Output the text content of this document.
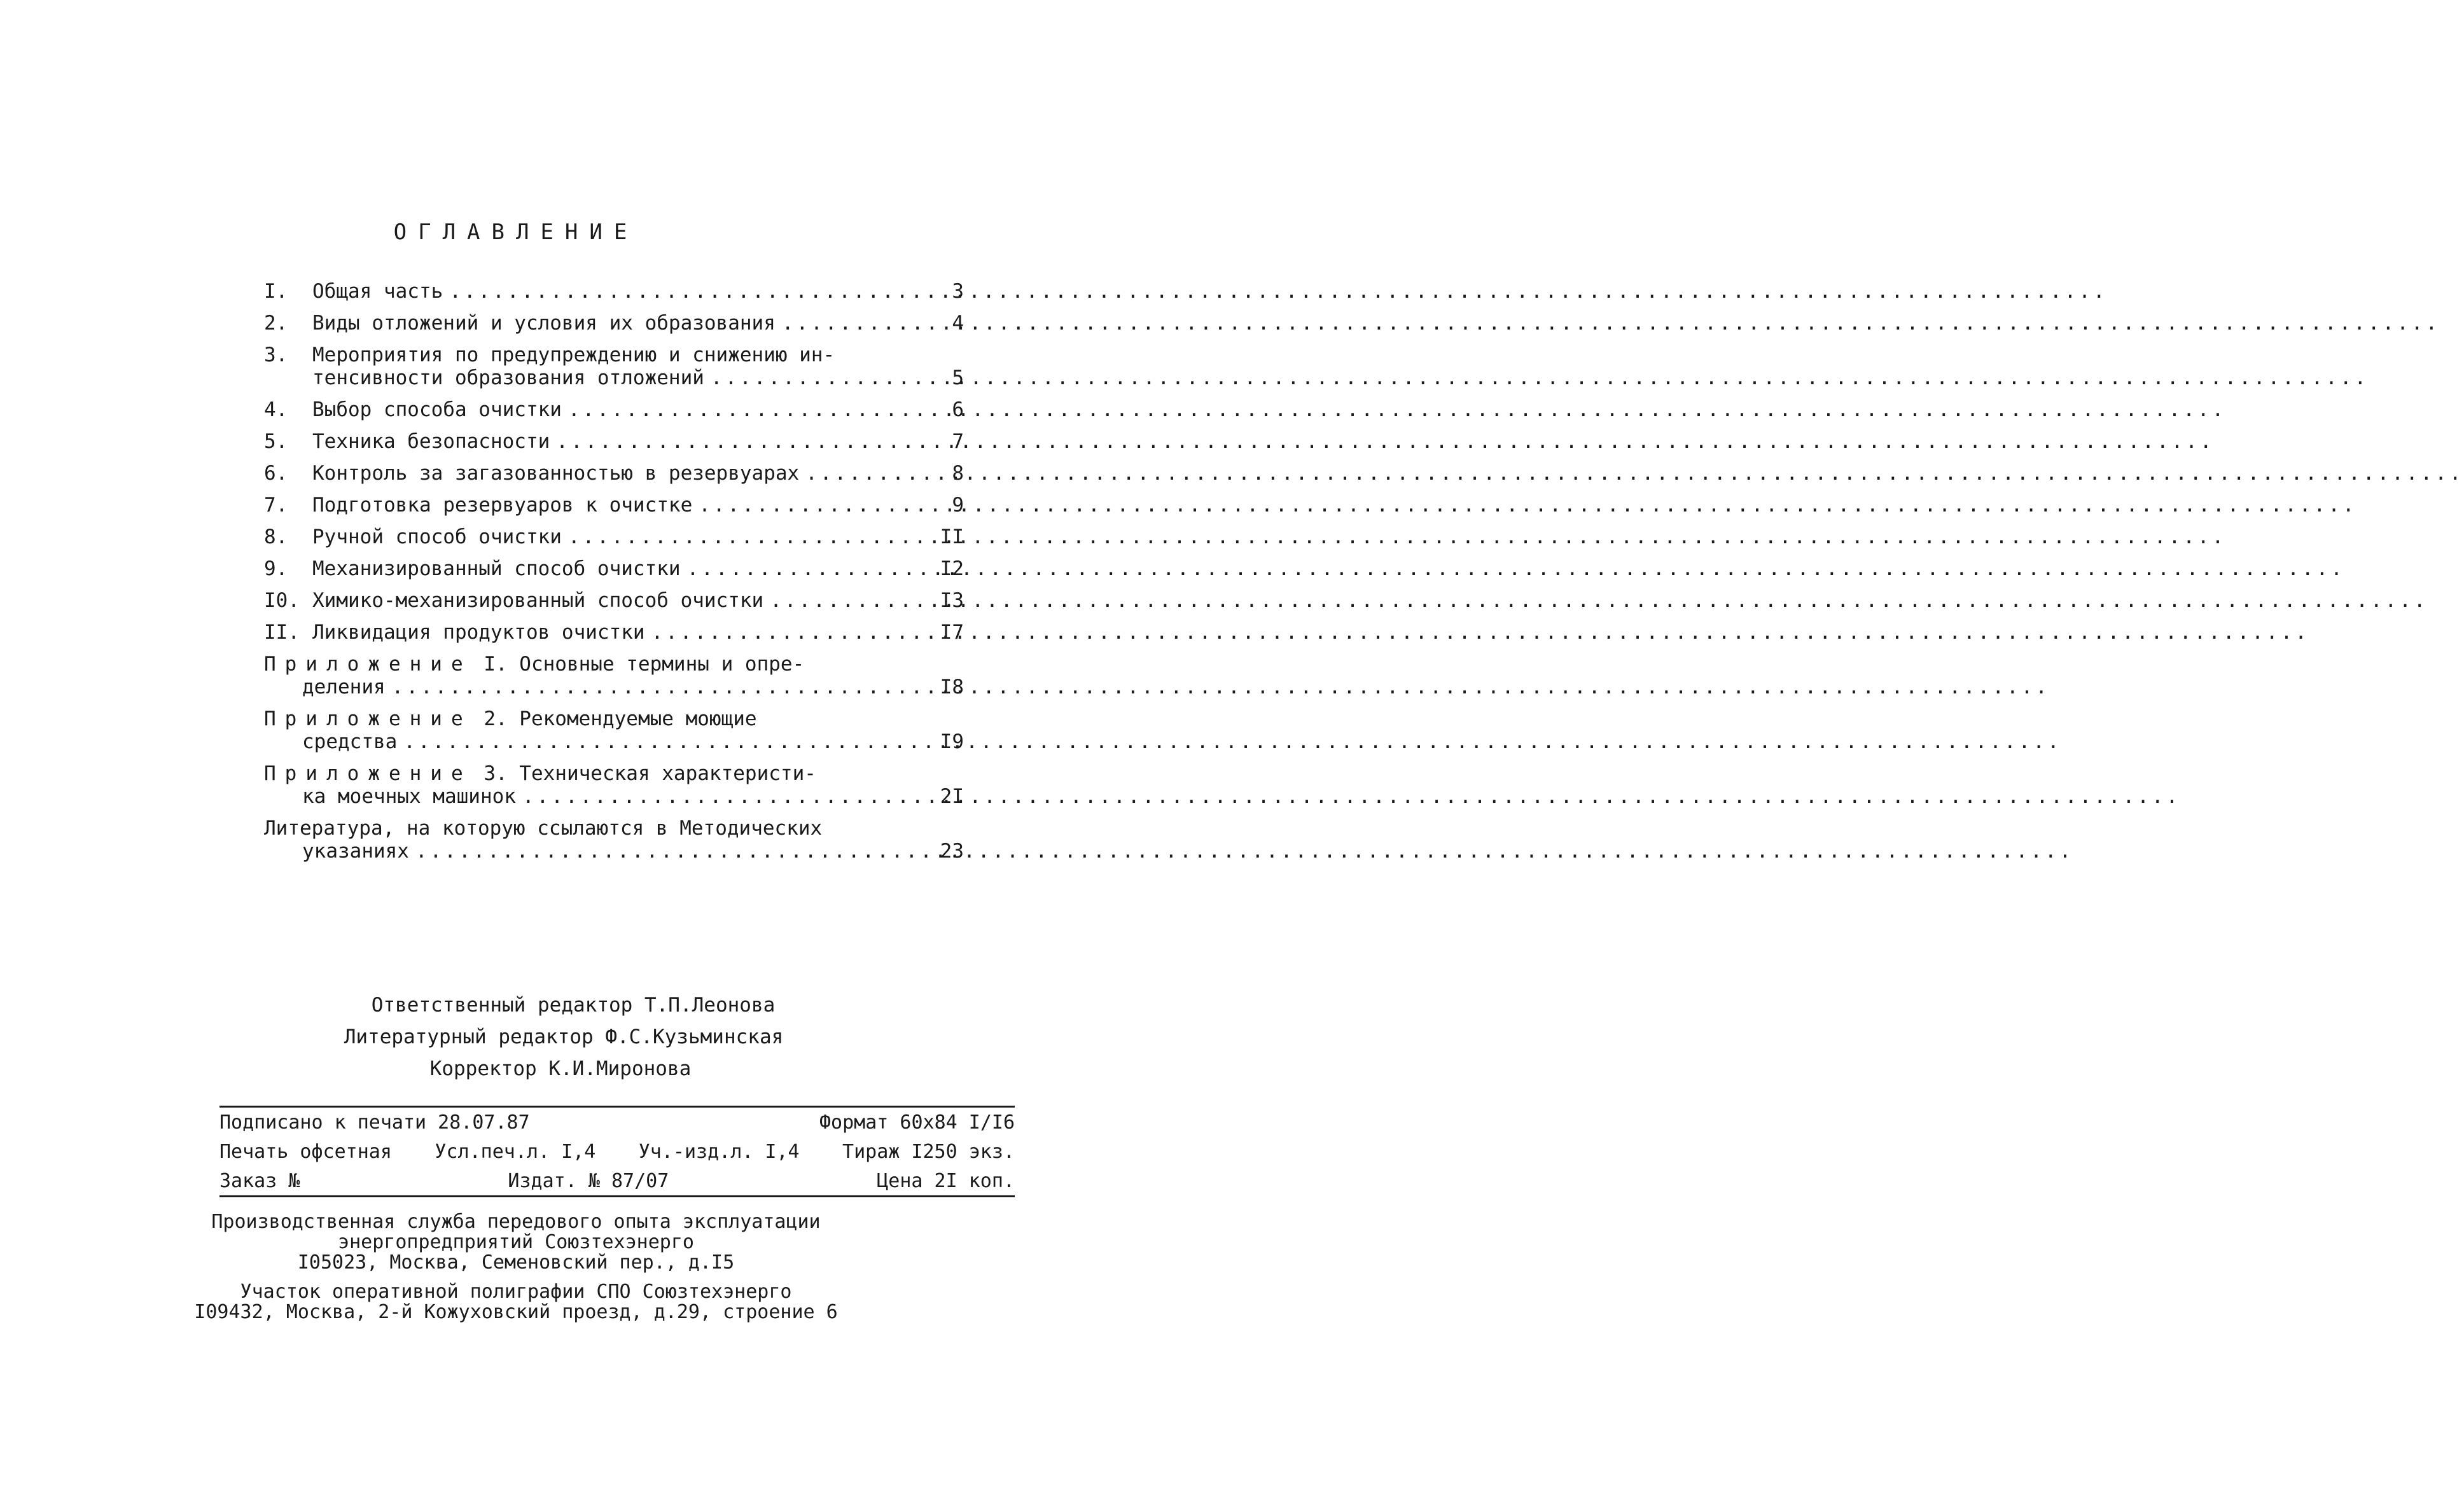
ОГЛАВЛЕНИЕ
I.	Общая часть .....	3
2.	Виды отложений и условия их образования .....	4
3.	Мероприятия по предупреждению и снижению ин-
тенсивности образования отложений .....	5
4.	Выбор способа очистки .....	6
5.	Техника безопасности .....	7
6.	Контроль за загазованностью в резервуарах .....	8
7.	Подготовка резервуаров к очистке .....	9
8.	Ручной способ очистки .....	II
9.	Механизированный способ очистки .....	I2
I0. Химико-механизированный способ очистки .....	I3
II. Ликвидация продуктов очистки .....	I7
Приложение
I. Основные термины и опре-
деления .....	I8
Приложение
2. Рекомендуемые моющие
средства .....	I9
Приложение
3. Техническая характеристи-
ка моечных машинок .....	2I
Литература, на которую ссылаются в Методических
указаниях .....	23
Ответственный редактор Т.П.Леонова
Литературный редактор Ф.С.Кузьминская
Корректор К.И.Миронова
Подписано к печати 28.07.87	Формат 60х84 I/I6
Печать офсетная Усл.печ.л. I,4 Уч.-изд.л. I,4 Тираж I250 экз.
Заказ №	Издат. № 87/07	Цена 2I коп.
Производственная служба передового опыта эксплуатации
энергопредприятий Союзтехэнерго
I05023, Москва, Семеновский пер., д.I5
Участок оперативной полиграфии СПО Союзтехэнерго
I09432, Москва, 2-й Кожуховский проезд, д.29, строение 6
